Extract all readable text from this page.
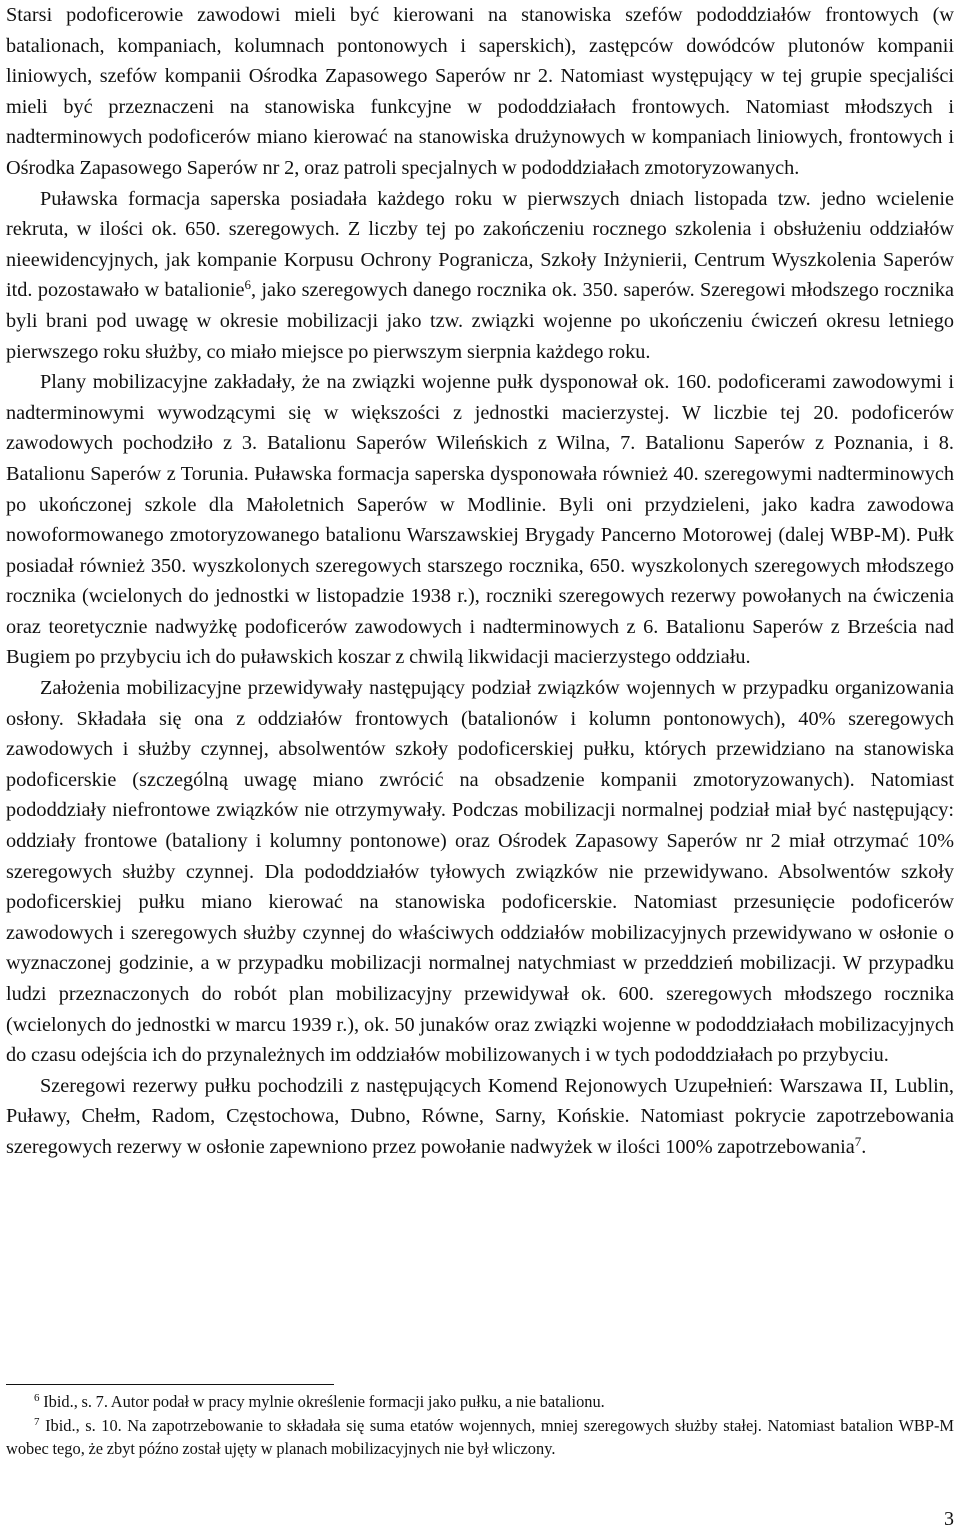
Starsi podoficerowie zawodowi mieli być kierowani na stanowiska szefów pododdziałów frontowych (w batalionach, kompaniach, kolumnach pontonowych i saperskich), zastępców dowódców plutonów kompanii liniowych, szefów kompanii Ośrodka Zapasowego Saperów nr 2. Natomiast występujący w tej grupie specjaliści mieli być przeznaczeni na stanowiska funkcyjne w pododdziałach frontowych. Natomiast młodszych i nadterminowych podoficerów miano kierować na stanowiska drużynowych w kompaniach liniowych, frontowych i Ośrodka Zapasowego Saperów nr 2, oraz patroli specjalnych w pododdziałach zmotoryzowanych.

Puławska formacja saperska posiadała każdego roku w pierwszych dniach listopada tzw. jedno wcielenie rekruta, w ilości ok. 650. szeregowych. Z liczby tej po zakończeniu rocznego szkolenia i obsłużeniu oddziałów nieewidencyjnych, jak kompanie Korpusu Ochrony Pogranicza, Szkoły Inżynierii, Centrum Wyszkolenia Saperów itd. pozostawało w batalionie$^6$, jako szeregowych danego rocznika ok. 350. saperów. Szeregowi młodszego rocznika byli brani pod uwagę w okresie mobilizacji jako tzw. związki wojenne po ukończeniu ćwiczeń okresu letniego pierwszego roku służby, co miało miejsce po pierwszym sierpnia każdego roku.

Plany mobilizacyjne zakładały, że na związki wojenne pułk dysponował ok. 160. podoficerami zawodowymi i nadterminowymi wywodzącymi się w większości z jednostki macierzystej. W liczbie tej 20. podoficerów zawodowych pochodziło z 3. Batalionu Saperów Wileńskich z Wilna, 7. Batalionu Saperów z Poznania, i 8. Batalionu Saperów z Torunia. Puławska formacja saperska dysponowała również 40. szeregowymi nadterminowych po ukończonej szkole dla Małoletnich Saperów w Modlinie. Byli oni przydzieleni, jako kadra zawodowa nowoformowanego zmotoryzowanego batalionu Warszawskiej Brygady Pancerno Motorowej (dalej WBP-M). Pułk posiadał również 350. wyszkolonych szeregowych starszego rocznika, 650. wyszkolonych szeregowych młodszego rocznika (wcielonych do jednostki w listopadzie 1938 r.), roczniki szeregowych rezerwy powołanych na ćwiczenia oraz teoretycznie nadwyżkę podoficerów zawodowych i nadterminowych z 6. Batalionu Saperów z Brześcia nad Bugiem po przybyciu ich do puławskich koszar z chwilą likwidacji macierzystego oddziału.

Założenia mobilizacyjne przewidywały następujący podział związków wojennych w przypadku organizowania osłony. Składała się ona z oddziałów frontowych (batalionów i kolumn pontonowych), 40% szeregowych zawodowych i służby czynnej, absolwentów szkoły podoficerskiej pułku, których przewidziano na stanowiska podoficerskie (szczególną uwagę miano zwrócić na obsadzenie kompanii zmotoryzowanych). Natomiast pododdziały niefrontowe związków nie otrzymywały. Podczas mobilizacji normalnej podział miał być następujący: oddziały frontowe (bataliony i kolumny pontonowe) oraz Ośrodek Zapasowy Saperów nr 2 miał otrzymać 10% szeregowych służby czynnej. Dla pododdziałów tyłowych związków nie przewidywano. Absolwentów szkoły podoficerskiej pułku miano kierować na stanowiska podoficerskie. Natomiast przesunięcie podoficerów zawodowych i szeregowych służby czynnej do właściwych oddziałów mobilizacyjnych przewidywano w osłonie o wyznaczonej godzinie, a w przypadku mobilizacji normalnej natychmiast w przeddzień mobilizacji. W przypadku ludzi przeznaczonych do robót plan mobilizacyjny przewidywał ok. 600. szeregowych młodszego rocznika (wcielonych do jednostki w marcu 1939 r.), ok. 50 junaków oraz związki wojenne w pododdziałach mobilizacyjnych do czasu odejścia ich do przynależnych im oddziałów mobilizowanych i w tych pododdziałach po przybyciu.

Szeregowi rezerwy pułku pochodzili z następujących Komend Rejonowych Uzupełnień: Warszawa II, Lublin, Puławy, Chełm, Radom, Częstochowa, Dubno, Równe, Sarny, Końskie. Natomiast pokrycie zapotrzebowania szeregowych rezerwy w osłonie zapewniono przez powołanie nadwyżek w ilości 100% zapotrzebowania$^7$.

$^6$ Ibid., s. 7. Autor podał w pracy mylnie określenie formacji jako pułku, a nie batalionu.

$^7$ Ibid., s. 10. Na zapotrzebowanie to składała się suma etatów wojennych, mniej szeregowych służby stałej. Natomiast batalion WBP-M wobec tego, że zbyt późno został ujęty w planach mobilizacyjnych nie był wliczony.

3
